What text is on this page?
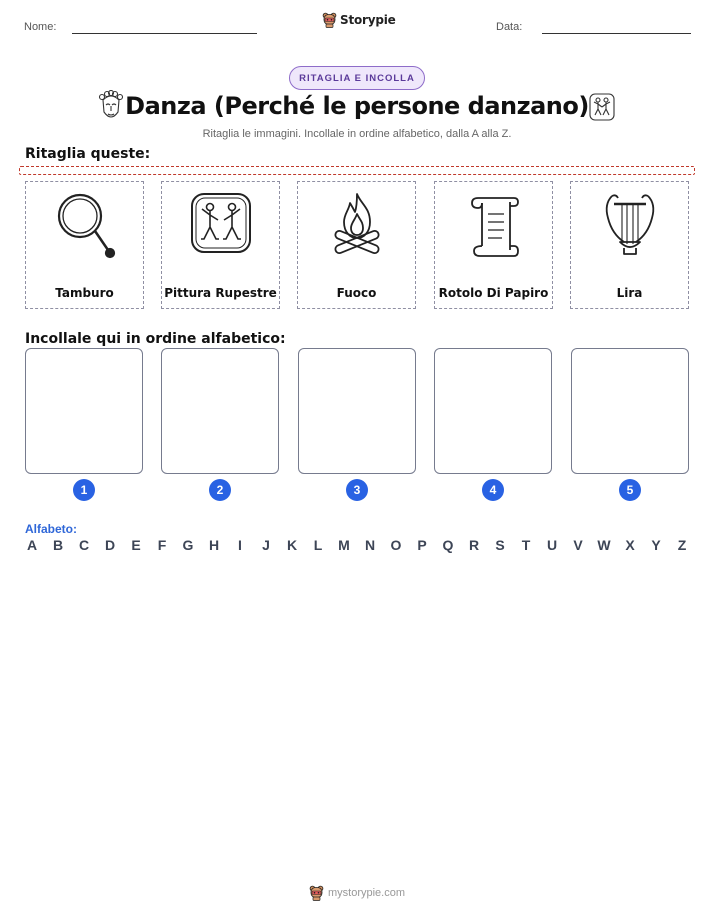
Nome:	Storypie	Data:
RITAGLIA E INCOLLA
Danza (Perché le persone danzano)
Ritaglia le immagini. Incollale in ordine alfabetico, dalla A alla Z.
Ritaglia queste:
Tamburo	Pittura Rupestre	Fuoco	Rotolo Di Papiro	Lira
Incollale qui in ordine alfabetico:
1	2	3	4	5
Alfabeto:
A B C D E F G H	I	J K L M N O P Q R S T U V W X Y Z
mystorypie.com
